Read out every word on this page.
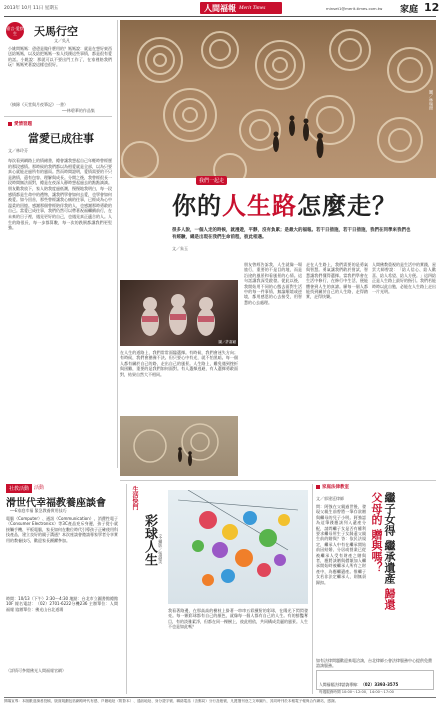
2013年 10月 11日 星期五	人間福報 Merit Times	minset1@merit-times.com.tw 家庭 12
嘉言·愛默生	天馬行空
文／吳凡
小姚問媽媽：爸爸是做什麼用的？媽媽說：就是在想好東西送給媽媽，以及給把媽媽一家人找錢這些事情，都是很有愛的話。小姚說：那就可以不要出門工作了，在家裡陪我們玩！媽媽笑著說這樣也很好。
（摘錄《天堂與月夜筆記》一書）
──林碧華的作品集
愛情習題
當愛已成往事
文／林玲芬
每次看到網路上的情緒書，總會讓我想起自己年輕時曾經歷的那段感情。那時候的我們都以為相愛就是全部，以為只要真心就能走過所有的風雨。然而時間證明，愛情需要的不只是熱情，還有包容、理解與成長。分開之後，我曾經很長一段時間無法面對，總是在夜深人靜時想起過去的點點滴滴。朋友勸我放下，家人陪我度過低潮，慢慢地我明白，每一段感情都是生命中的禮物，讓我們學會如何去愛，也學會如何被愛。如今回首，那些曾經讓我心痛的往事，已經成為心中溫柔的回憶。感謝那個曾經陪伴我的人，也感謝那時勇敢的自己。當愛已成往事，我們仍然可以帶著祝福繼續前行，在未來的日子裡，遇見更好的自己，也遇見真正適合的人。人生的路很長，每一步都算數，每一次的跌倒都讓我們更堅強。
圖／林瑞照
我們一起走
你的人生路怎麼走？
很多人說，一個人走的時候，就漫遊，平靜，沒有負累；是最大的福報。若干日措施，若干日措施，我們在同學來我們也有經驗，總是出現在我們生命前程，彼此相遇。
文／朱玉
圖／許嘉穎
在人生的道路上，我們常常面臨選擇。有時候，我們會迷失方向；有時候，我們會猶豫不決。但只要心中有光，就不怕黑暗。每一個人都有屬於自己的路，走出自己的風景。人生路上，難免遇到挫折與困難，重要的是我們如何面對。有人選擇逃避，有人選擇勇敢面對，結果自然大不相同。
朋友曾經告訴我，人生就像一場旅行，重要的不是目的地，而是沿途的風景和看風景的心情。這句話讓我深受啟發。從此以後，我開始用不同的心態去面對生活中的每一件事情，無論順境或逆境，都用感恩的心去接受，用智慧的心去處理。
走在人生路上，我們需要的是勇氣與智慧。勇氣讓我們敢於嘗試，智慧讓我們懂得選擇。當我們學會在生活中修行，在修行中生活，便能體會到人生的真諦。願每一個人都能找到屬於自己的人生路，走得踏實，走得快樂。
人間佛教重視的是生活中的實踐，星雲大師曾說：「給人信心、給人歡喜、給人希望、給人方便。」這四給正是人生路上最好的指引。我們若能時時以此自勉，必能在人生路上走出一片光明。
社教活動	活動
滑世代幸福教養座談會
──E家庭幸福 緊急教養實用技巧
電腦（Computer）、通訊（Communication）、消費性電子（Consumer Electronics）等3C產品充斥身邊，孩子從小就接觸手機、平板電腦，家長如何在數位時代引導孩子正確使用科技產品，建立良好的親子溝通？本次座談會邀請專家學者分享實用的教養技巧，歡迎家長踴躍參加。
時間：10/13（下午）2:30～4:30 地點：台北市立圖書館總館10F 報名電話：（02）2701-6222分機236 主辦單位：人間福報 協辦單位：佛光山台北道場
（詳情可參閱佛光人間福報官網）
生活快門
彩球人生 文·攝影／張淑美
我看著路邊，在那高高的樹枝上掛著一串串五彩繽紛的彩球，在陽光下閃閃發亮。每一顆彩球都有自己的顏色，就像每一個人都有自己的人生。有的鮮豔奪目，有的淡雅素淨，但都在同一棵樹上，彼此相依，共同構成美麗的風景。人生不也是如此嗎？
家庭法律教室
繼子女得 繼承遺產 歸還父母的 贈與嗎？
文／郭建廷律師
問：阿強在父親過世後，發現父親生前曾將一筆存款贈與繼母的兒子小明。阿強認為這筆錢應該列入遺產分配，請問繼子女是否有權利要求繼母所生子女歸還父親生前的贈與？答：依民法規定，繼承人中有在繼承開始前因結婚、分居或營業已從被繼承人受有財產之贈與者，應將該贈與價額加入繼承開始時被繼承人所有之財產中，為應繼遺產。惟繼子女若非法定繼承人，則無須歸扣。
如有法律問題歡迎來電洽詢，台北律師公會法律服務中心提供免費諮詢服務。
人間福報法律諮詢專線：（02）3393-3575
每週服務時間 10:00～12:00、14:00～17:00
開場宣導：本版歡迎讀者投稿，版面規劃包括網路時代有感、戶籍地址（附影本）、通訊地址、身分證字號、聯絡電話（含郵局）分行及帳號，凡獲選刊登之文章圖片，其同時刊於本報電子報與合作網站，感謝。
